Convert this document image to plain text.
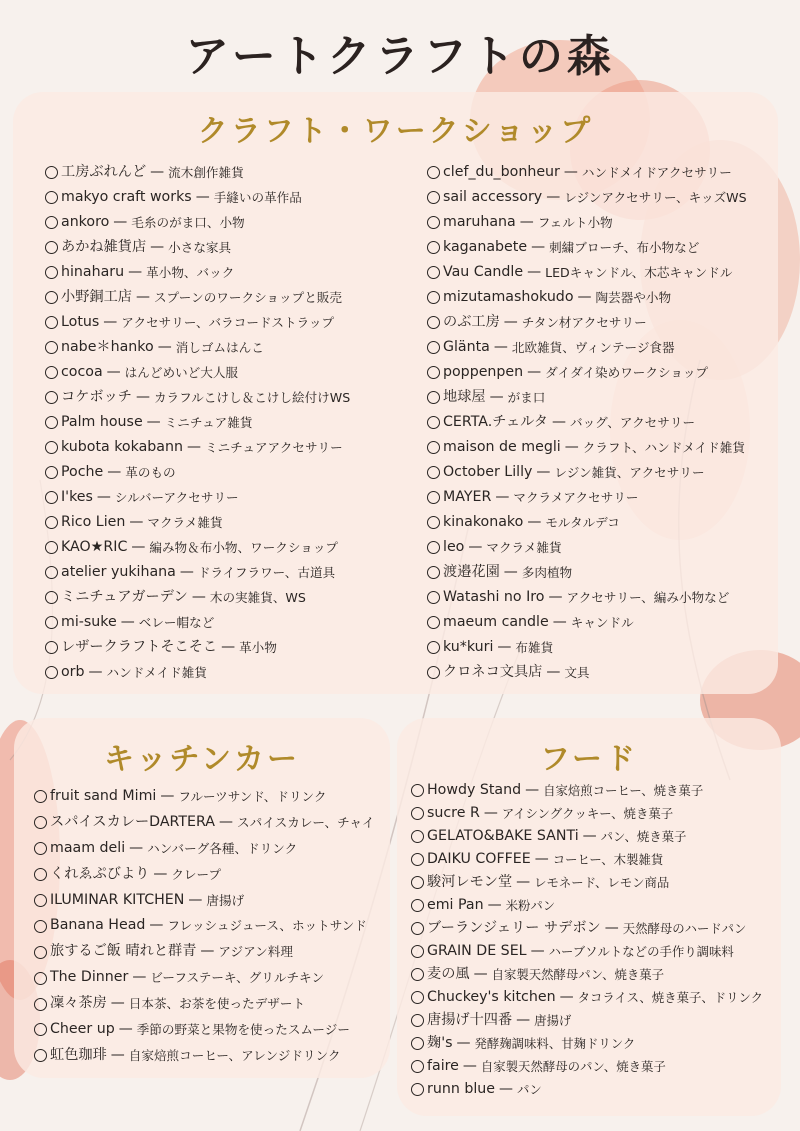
アートクラフトの森
クラフト・ワークショップ
工房ぶれんど — 流木創作雑貨
makyo craft works — 手縫いの革作品
ankoro — 毛糸のがま口、小物
あかね雑貨店 — 小さな家具
hinaharu — 革小物、バック
小野銅工店 — スプーンのワークショップと販売
Lotus — アクセサリー、バラコードストラップ
nabe＊hanko — 消しゴムはんこ
cocoa — はんどめいど大人服
コケボッチ — カラフルこけし＆こけし絵付けWS
Palm house — ミニチュア雑貨
kubota kokabann — ミニチュアアクセサリー
Poche — 革のもの
I'kes — シルバーアクセサリー
Rico Lien — マクラメ雑貨
KAO★RIC — 編み物＆布小物、ワークショップ
atelier yukihana — ドライフラワー、古道具
ミニチュアガーデン — 木の実雑貨、WS
mi-suke — ベレー帽など
レザークラフトそこそこ — 革小物
orb — ハンドメイド雑貨
clef_du_bonheur — ハンドメイドアクセサリー
sail accessory — レジンアクセサリー、キッズWS
maruhana — フェルト小物
kaganabete — 刺繍ブローチ、布小物など
Vau Candle — LEDキャンドル、木芯キャンドル
mizutamashokudo — 陶芸器や小物
のぶ工房 — チタン材アクセサリー
Glänta — 北欧雑貨、ヴィンテージ食器
poppenpen — ダイダイ染めワークショップ
地球屋 — がま口
CERTA.チェルタ — バッグ、アクセサリー
maison de megli — クラフト、ハンドメイド雑貨
October Lilly — レジン雑貨、アクセサリー
MAYER — マクラメアクセサリー
kinakonako — モルタルデコ
leo — マクラメ雑貨
渡邉花園 — 多肉植物
Watashi no Iro — アクセサリー、編み小物など
maeum candle — キャンドル
ku*kuri — 布雑貨
クロネコ文具店 — 文具
キッチンカー
fruit sand Mimi — フルーツサンド、ドリンク
スパイスカレーDARTERA — スパイスカレー、チャイ
maam deli — ハンバーグ各種、ドリンク
くれゑぷびより — クレープ
ILUMINAR KITCHEN — 唐揚げ
Banana Head — フレッシュジュース、ホットサンド
旅するご飯 晴れと群青 — アジアン料理
The Dinner — ビーフステーキ、グリルチキン
凜々茶房 — 日本茶、お茶を使ったデザート
Cheer up — 季節の野菜と果物を使ったスムージー
虹色珈琲 — 自家焙煎コーヒー、アレンジドリンク
フード
Howdy Stand — 自家焙煎コーヒー、焼き菓子
sucre R — アイシングクッキー、焼き菓子
GELATO&BAKE SANTi — パン、焼き菓子
DAIKU COFFEE — コーヒー、木製雑貨
駿河レモン堂 — レモネード、レモン商品
emi Pan — 米粉パン
ブーランジェリー サデボン — 天然酵母のハードパン
GRAIN DE SEL — ハーブソルトなどの手作り調味料
麦の風 — 自家製天然酵母パン、焼き菓子
Chuckey's kitchen — タコライス、焼き菓子、ドリンク
唐揚げ十四番 — 唐揚げ
麹's — 発酵麹調味料、甘麹ドリンク
faire — 自家製天然酵母のパン、焼き菓子
runn blue — パン
